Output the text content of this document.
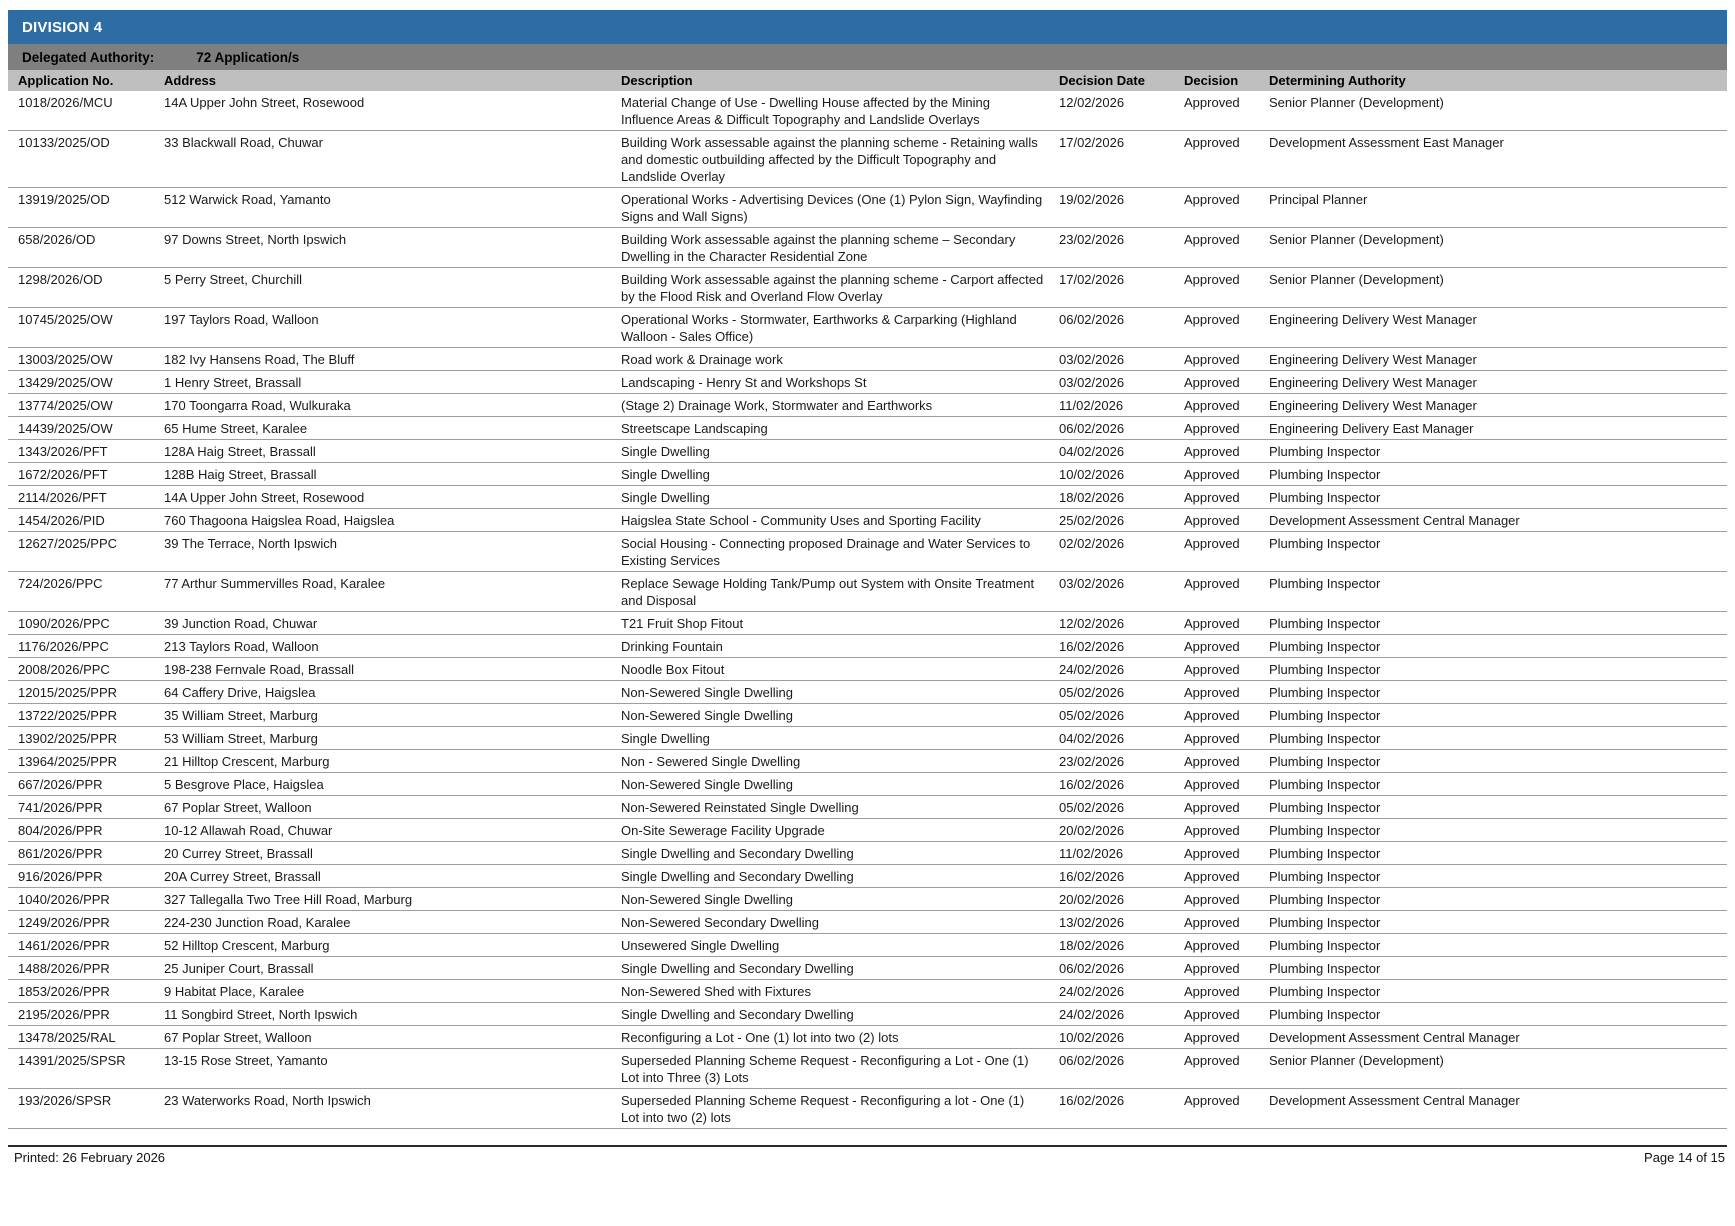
DIVISION 4
Delegated Authority:	72 Application/s
Application No.	Address	Description	Decision Date	Decision	Determining Authority
1018/2026/MCU	14A Upper John Street, Rosewood	Material Change of Use - Dwelling House affected by the Mining Influence Areas & Difficult Topography and Landslide Overlays	12/02/2026	Approved	Senior Planner (Development)
10133/2025/OD	33 Blackwall Road, Chuwar	Building Work assessable against the planning scheme - Retaining walls and domestic outbuilding affected by the Difficult Topography and Landslide Overlay	17/02/2026	Approved	Development Assessment East Manager
13919/2025/OD	512 Warwick Road, Yamanto	Operational Works - Advertising Devices (One (1) Pylon Sign, Wayfinding Signs and Wall Signs)	19/02/2026	Approved	Principal Planner
658/2026/OD	97 Downs Street, North Ipswich	Building Work assessable against the planning scheme – Secondary Dwelling in the Character Residential Zone	23/02/2026	Approved	Senior Planner (Development)
1298/2026/OD	5 Perry Street, Churchill	Building Work assessable against the planning scheme - Carport affected by the Flood Risk and Overland Flow Overlay	17/02/2026	Approved	Senior Planner (Development)
10745/2025/OW	197 Taylors Road, Walloon	Operational Works - Stormwater, Earthworks & Carparking (Highland Walloon - Sales Office)	06/02/2026	Approved	Engineering Delivery West Manager
13003/2025/OW	182 Ivy Hansens Road, The Bluff	Road work & Drainage work	03/02/2026	Approved	Engineering Delivery West Manager
13429/2025/OW	1 Henry Street, Brassall	Landscaping - Henry St and Workshops St	03/02/2026	Approved	Engineering Delivery West Manager
13774/2025/OW	170 Toongarra Road, Wulkuraka	(Stage 2) Drainage Work, Stormwater and Earthworks	11/02/2026	Approved	Engineering Delivery West Manager
14439/2025/OW	65 Hume Street, Karalee	Streetscape Landscaping	06/02/2026	Approved	Engineering Delivery East Manager
1343/2026/PFT	128A Haig Street, Brassall	Single Dwelling	04/02/2026	Approved	Plumbing Inspector
1672/2026/PFT	128B Haig Street, Brassall	Single Dwelling	10/02/2026	Approved	Plumbing Inspector
2114/2026/PFT	14A Upper John Street, Rosewood	Single Dwelling	18/02/2026	Approved	Plumbing Inspector
1454/2026/PID	760 Thagoona Haigslea Road, Haigslea	Haigslea State School - Community Uses and Sporting Facility	25/02/2026	Approved	Development Assessment Central Manager
12627/2025/PPC	39 The Terrace, North Ipswich	Social Housing - Connecting proposed Drainage and Water Services to Existing Services	02/02/2026	Approved	Plumbing Inspector
724/2026/PPC	77 Arthur Summervilles Road, Karalee	Replace Sewage Holding Tank/Pump out System with Onsite Treatment and Disposal	03/02/2026	Approved	Plumbing Inspector
1090/2026/PPC	39 Junction Road, Chuwar	T21 Fruit Shop Fitout	12/02/2026	Approved	Plumbing Inspector
1176/2026/PPC	213 Taylors Road, Walloon	Drinking Fountain	16/02/2026	Approved	Plumbing Inspector
2008/2026/PPC	198-238 Fernvale Road, Brassall	Noodle Box Fitout	24/02/2026	Approved	Plumbing Inspector
12015/2025/PPR	64 Caffery Drive, Haigslea	Non-Sewered Single Dwelling	05/02/2026	Approved	Plumbing Inspector
13722/2025/PPR	35 William Street, Marburg	Non-Sewered Single Dwelling	05/02/2026	Approved	Plumbing Inspector
13902/2025/PPR	53 William Street, Marburg	Single Dwelling	04/02/2026	Approved	Plumbing Inspector
13964/2025/PPR	21 Hilltop Crescent, Marburg	Non - Sewered Single Dwelling	23/02/2026	Approved	Plumbing Inspector
667/2026/PPR	5 Besgrove Place, Haigslea	Non-Sewered Single Dwelling	16/02/2026	Approved	Plumbing Inspector
741/2026/PPR	67 Poplar Street, Walloon	Non-Sewered Reinstated Single Dwelling	05/02/2026	Approved	Plumbing Inspector
804/2026/PPR	10-12 Allawah Road, Chuwar	On-Site Sewerage Facility Upgrade	20/02/2026	Approved	Plumbing Inspector
861/2026/PPR	20 Currey Street, Brassall	Single Dwelling and Secondary Dwelling	11/02/2026	Approved	Plumbing Inspector
916/2026/PPR	20A Currey Street, Brassall	Single Dwelling and Secondary Dwelling	16/02/2026	Approved	Plumbing Inspector
1040/2026/PPR	327 Tallegalla Two Tree Hill Road, Marburg	Non-Sewered Single Dwelling	20/02/2026	Approved	Plumbing Inspector
1249/2026/PPR	224-230 Junction Road, Karalee	Non-Sewered Secondary Dwelling	13/02/2026	Approved	Plumbing Inspector
1461/2026/PPR	52 Hilltop Crescent, Marburg	Unsewered Single Dwelling	18/02/2026	Approved	Plumbing Inspector
1488/2026/PPR	25 Juniper Court, Brassall	Single Dwelling and Secondary Dwelling	06/02/2026	Approved	Plumbing Inspector
1853/2026/PPR	9 Habitat Place, Karalee	Non-Sewered Shed with Fixtures	24/02/2026	Approved	Plumbing Inspector
2195/2026/PPR	11 Songbird Street, North Ipswich	Single Dwelling and Secondary Dwelling	24/02/2026	Approved	Plumbing Inspector
13478/2025/RAL	67 Poplar Street, Walloon	Reconfiguring a Lot - One (1) lot into two (2) lots	10/02/2026	Approved	Development Assessment Central Manager
14391/2025/SPSR	13-15 Rose Street, Yamanto	Superseded Planning Scheme Request - Reconfiguring a Lot - One (1) Lot into Three (3) Lots	06/02/2026	Approved	Senior Planner (Development)
193/2026/SPSR	23 Waterworks Road, North Ipswich	Superseded Planning Scheme Request - Reconfiguring a lot - One (1) Lot into two (2) lots	16/02/2026	Approved	Development Assessment Central Manager
Printed: 26 February 2026	Page 14 of 15
